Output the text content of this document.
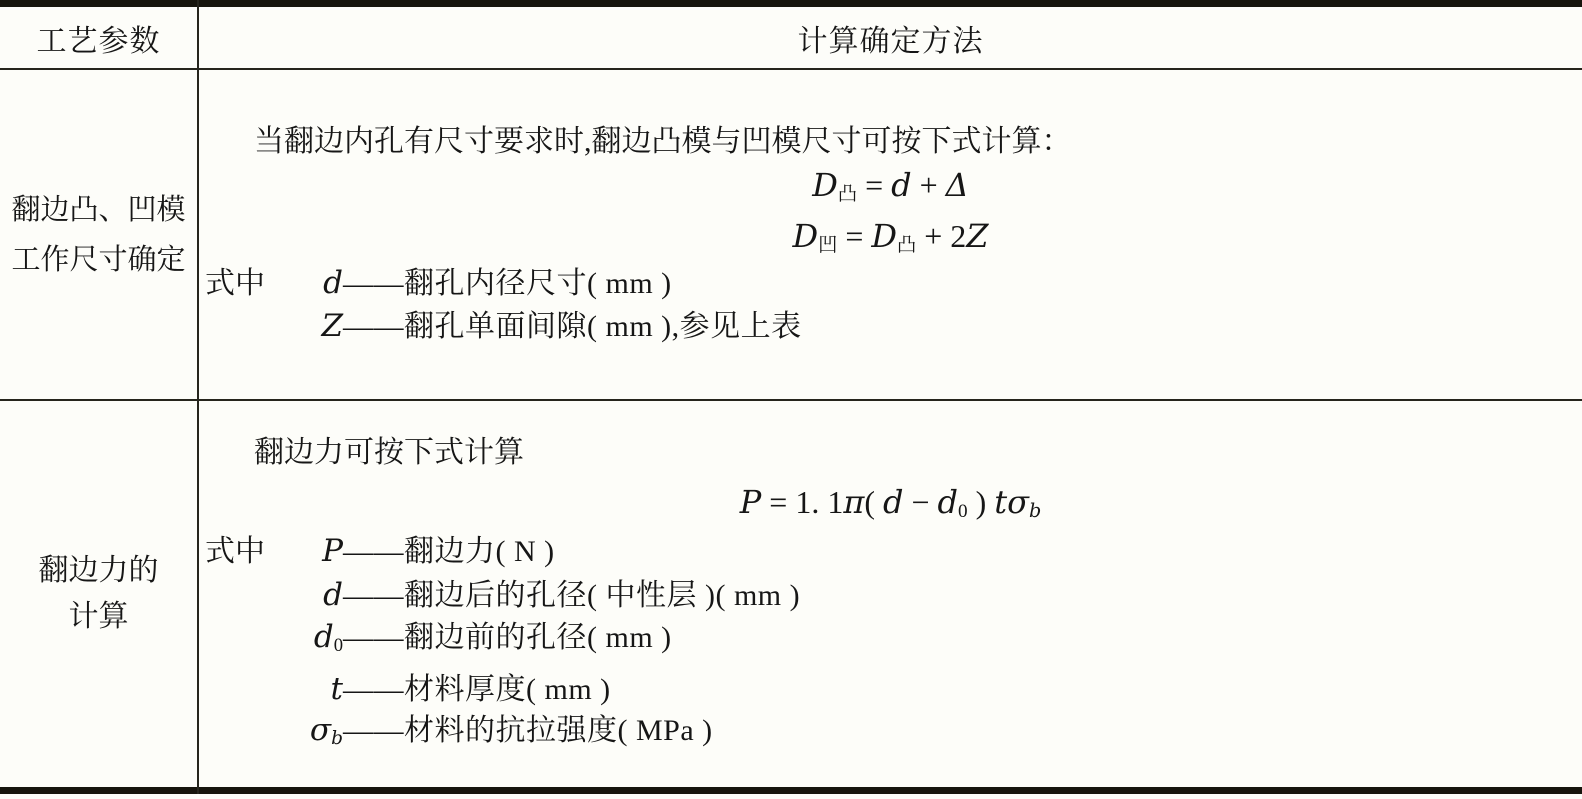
工艺参数	计算确定方法
翻边凸、凹模
工作尺寸确定
当翻边内孔有尺寸要求时,翻边凸模与凹模尺寸可按下式计算：
D凸 = d + Δ
D凹 = D凸 + 2Z
式中 d——翻孔内径尺寸( mm )
Z——翻孔单面间隙( mm ),参见上表
翻边力的
计算
翻边力可按下式计算
P = 1. 1π( d − d0 ) tσb
式中 P——翻边力( N )
d——翻边后的孔径( 中性层 )( mm )
d0——翻边前的孔径( mm )
t——材料厚度( mm )
σb——材料的抗拉强度( MPa )
